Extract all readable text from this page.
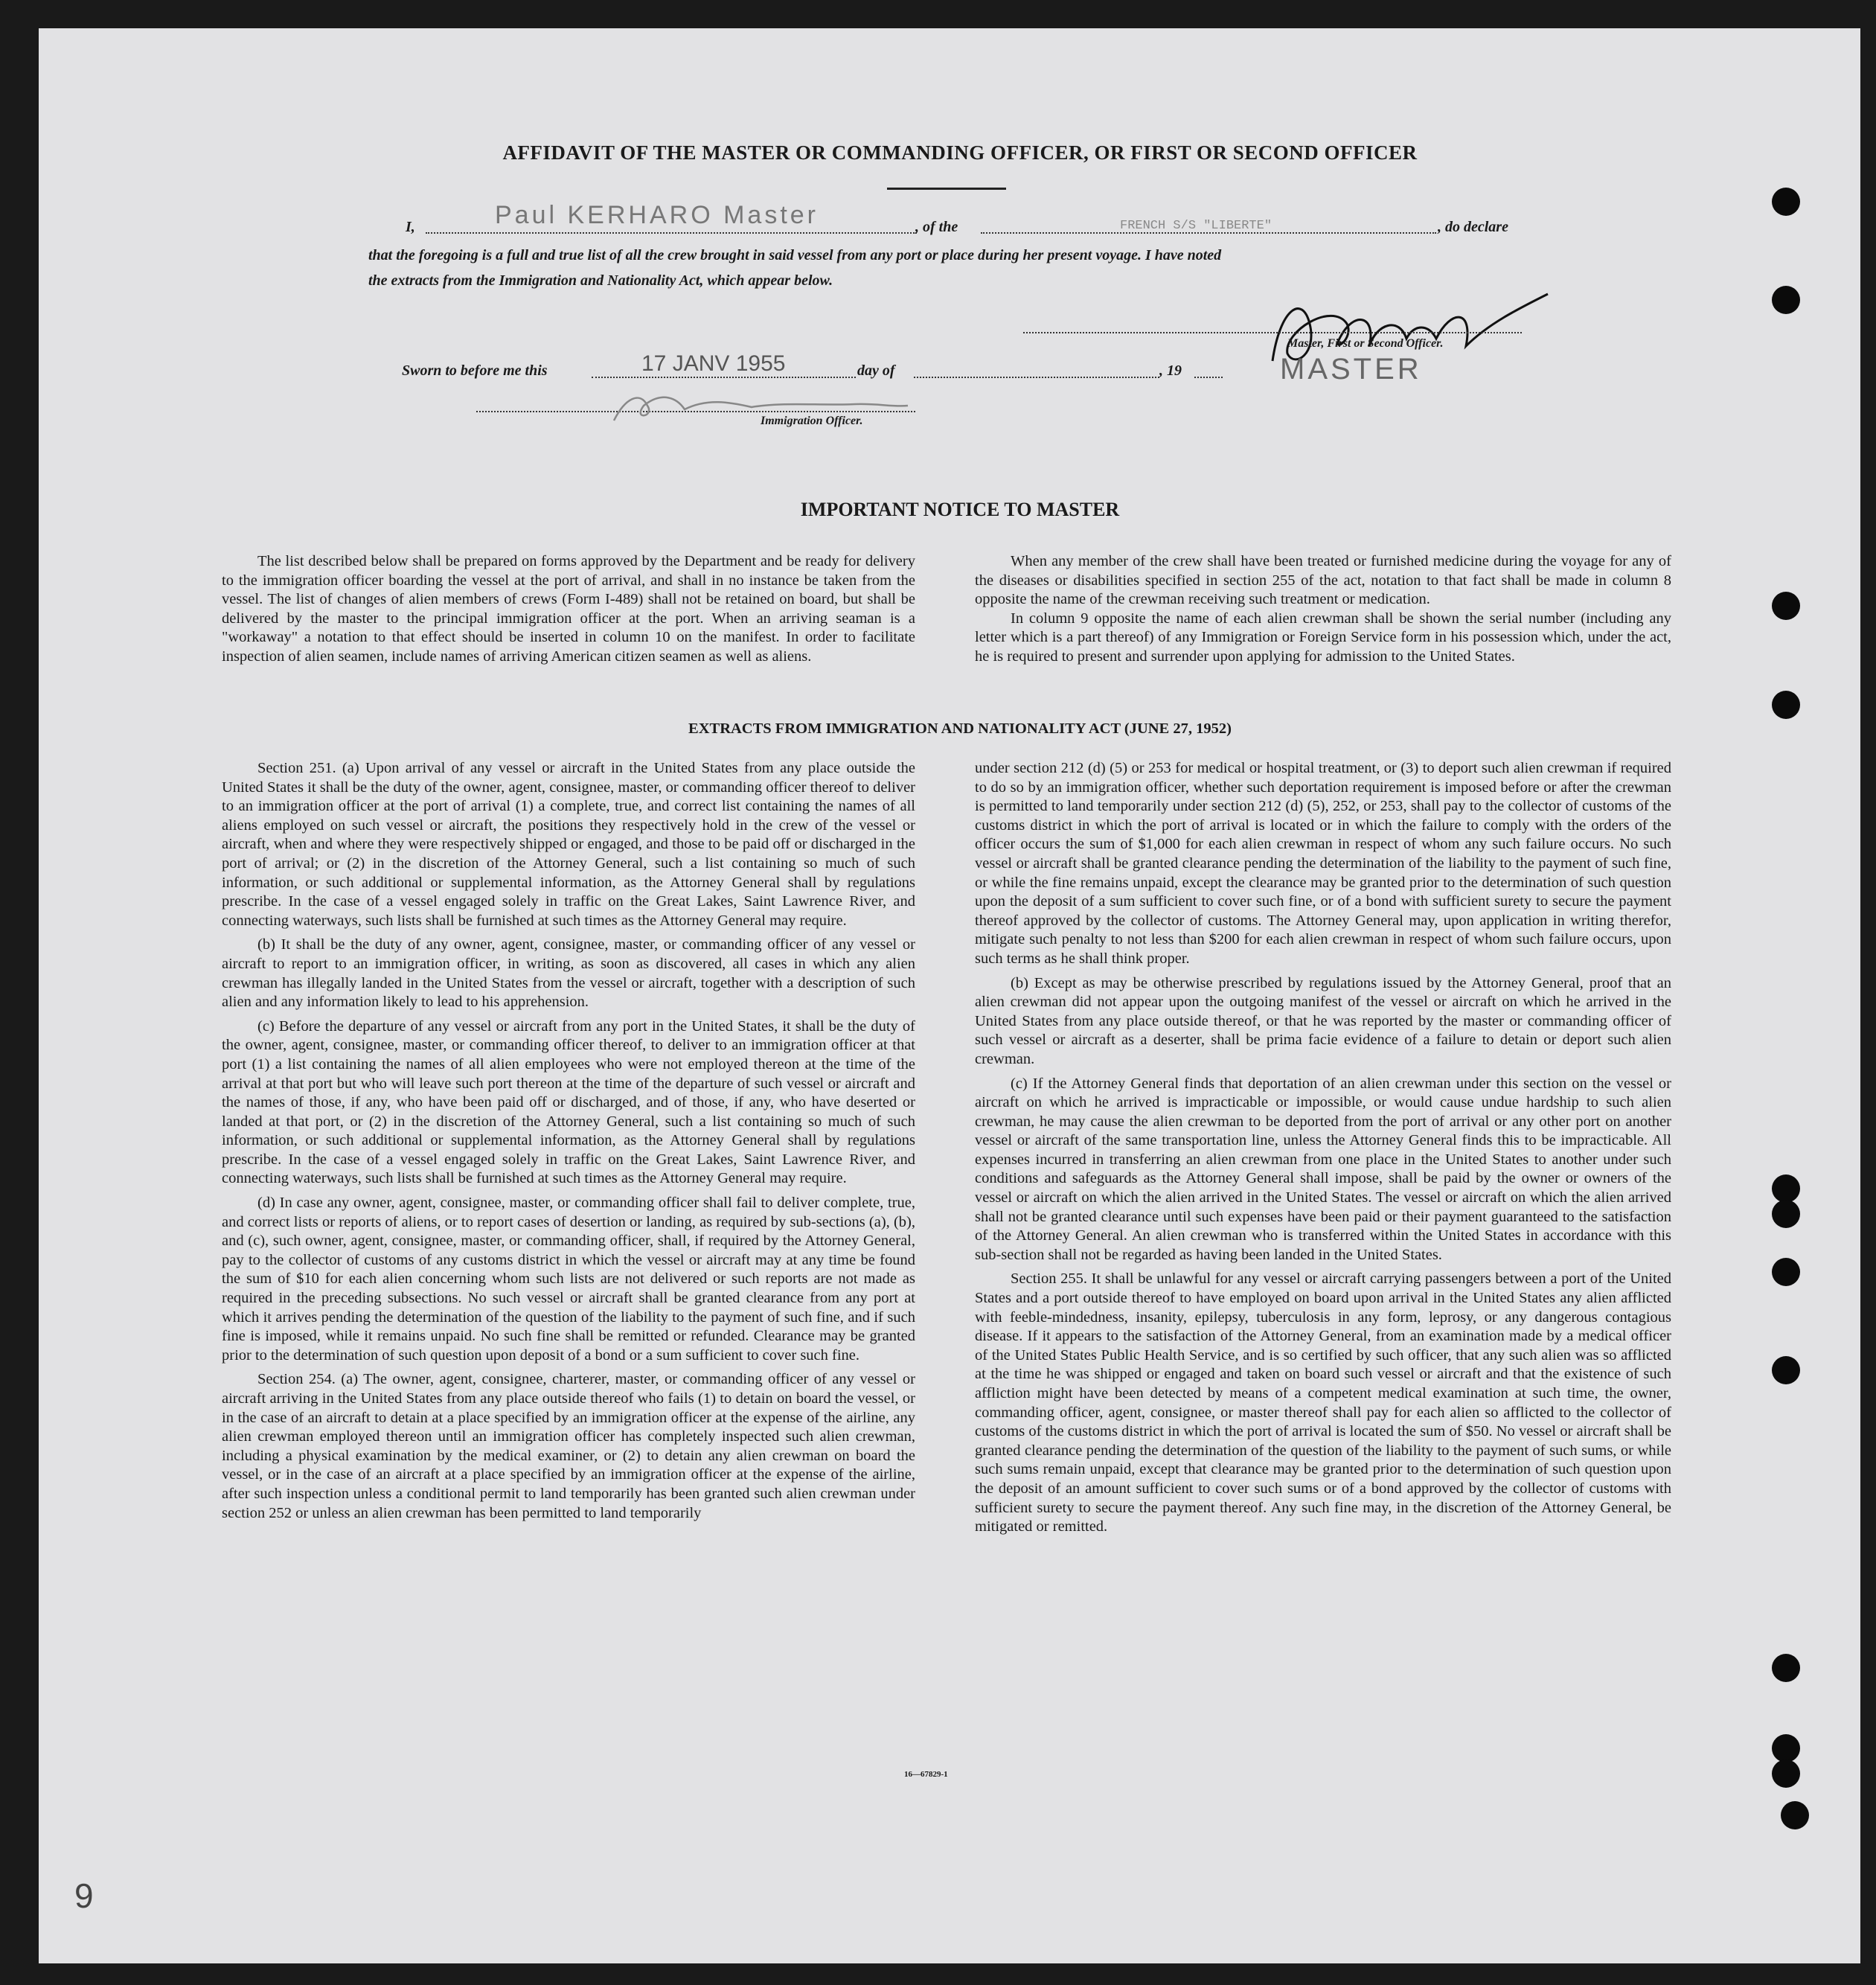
AFFIDAVIT OF THE MASTER OR COMMANDING OFFICER, OR FIRST OR SECOND OFFICER
I,	Paul KERHARO Master	, of the	FRENCH S/S "LIBERTE"	, do declare
that the foregoing is a full and true list of all the crew brought in said vessel from any port or place during her present voyage. I have noted
the extracts from the Immigration and Nationality Act, which appear below.
Master, First or Second Officer.
MASTER
Sworn to before me this	17 JANV 1955	day of	, 19
Immigration Officer.
IMPORTANT NOTICE TO MASTER

The list described below shall be prepared on forms approved by the Department and be ready for delivery to the immigration officer boarding the vessel at the port of arrival, and shall in no instance be taken from the vessel. The list of changes of alien members of crews (Form I-489) shall not be retained on board, but shall be delivered by the master to the principal immigration officer at the port. When an arriving seaman is a "workaway" a notation to that effect should be inserted in column 10 on the manifest. In order to facilitate inspection of alien seamen, include names of arriving American citizen seamen as well as aliens.

When any member of the crew shall have been treated or furnished medicine during the voyage for any of the diseases or disabilities specified in section 255 of the act, notation to that fact shall be made in column 8 opposite the name of the crewman receiving such treatment or medication.

In column 9 opposite the name of each alien crewman shall be shown the serial number (including any letter which is a part thereof) of any Immigration or Foreign Service form in his possession which, under the act, he is required to present and surrender upon applying for admission to the United States.

EXTRACTS FROM IMMIGRATION AND NATIONALITY ACT (JUNE 27, 1952)

Section 251. (a) Upon arrival of any vessel or aircraft in the United States from any place outside the United States it shall be the duty of the owner, agent, consignee, master, or commanding officer thereof to deliver to an immigration officer at the port of arrival (1) a complete, true, and correct list containing the names of all aliens employed on such vessel or aircraft, the positions they respectively hold in the crew of the vessel or aircraft, when and where they were respectively shipped or engaged, and those to be paid off or discharged in the port of arrival; or (2) in the discretion of the Attorney General, such a list containing so much of such information, or such additional or supplemental information, as the Attorney General shall by regulations prescribe. In the case of a vessel engaged solely in traffic on the Great Lakes, Saint Lawrence River, and connecting waterways, such lists shall be furnished at such times as the Attorney General may require.

(b) It shall be the duty of any owner, agent, consignee, master, or commanding officer of any vessel or aircraft to report to an immigration officer, in writing, as soon as discovered, all cases in which any alien crewman has illegally landed in the United States from the vessel or aircraft, together with a description of such alien and any information likely to lead to his apprehension.

(c) Before the departure of any vessel or aircraft from any port in the United States, it shall be the duty of the owner, agent, consignee, master, or commanding officer thereof, to deliver to an immigration officer at that port (1) a list containing the names of all alien employees who were not employed thereon at the time of the arrival at that port but who will leave such port thereon at the time of the departure of such vessel or aircraft and the names of those, if any, who have been paid off or discharged, and of those, if any, who have deserted or landed at that port, or (2) in the discretion of the Attorney General, such a list containing so much of such information, or such additional or supplemental information, as the Attorney General shall by regulations prescribe. In the case of a vessel engaged solely in traffic on the Great Lakes, Saint Lawrence River, and connecting waterways, such lists shall be furnished at such times as the Attorney General may require.

(d) In case any owner, agent, consignee, master, or commanding officer shall fail to deliver complete, true, and correct lists or reports of aliens, or to report cases of desertion or landing, as required by sub-sections (a), (b), and (c), such owner, agent, consignee, master, or commanding officer, shall, if required by the Attorney General, pay to the collector of customs of any customs district in which the vessel or aircraft may at any time be found the sum of $10 for each alien concerning whom such lists are not delivered or such reports are not made as required in the preceding subsections. No such vessel or aircraft shall be granted clearance from any port at which it arrives pending the determination of the question of the liability to the payment of such fine, and if such fine is imposed, while it remains unpaid. No such fine shall be remitted or refunded. Clearance may be granted prior to the determination of such question upon deposit of a bond or a sum sufficient to cover such fine.

Section 254. (a) The owner, agent, consignee, charterer, master, or commanding officer of any vessel or aircraft arriving in the United States from any place outside thereof who fails (1) to detain on board the vessel, or in the case of an aircraft to detain at a place specified by an immigration officer at the expense of the airline, any alien crewman employed thereon until an immigration officer has completely inspected such alien crewman, including a physical examination by the medical examiner, or (2) to detain any alien crewman on board the vessel, or in the case of an aircraft at a place specified by an immigration officer at the expense of the airline, after such inspection unless a conditional permit to land temporarily has been granted such alien crewman under section 252 or unless an alien crewman has been permitted to land temporarily

under section 212 (d) (5) or 253 for medical or hospital treatment, or (3) to deport such alien crewman if required to do so by an immigration officer, whether such deportation requirement is imposed before or after the crewman is permitted to land temporarily under section 212 (d) (5), 252, or 253, shall pay to the collector of customs of the customs district in which the port of arrival is located or in which the failure to comply with the orders of the officer occurs the sum of $1,000 for each alien crewman in respect of whom any such failure occurs. No such vessel or aircraft shall be granted clearance pending the determination of the liability to the payment of such fine, or while the fine remains unpaid, except the clearance may be granted prior to the determination of such question upon the deposit of a sum sufficient to cover such fine, or of a bond with sufficient surety to secure the payment thereof approved by the collector of customs. The Attorney General may, upon application in writing therefor, mitigate such penalty to not less than $200 for each alien crewman in respect of whom such failure occurs, upon such terms as he shall think proper.

(b) Except as may be otherwise prescribed by regulations issued by the Attorney General, proof that an alien crewman did not appear upon the outgoing manifest of the vessel or aircraft on which he arrived in the United States from any place outside thereof, or that he was reported by the master or commanding officer of such vessel or aircraft as a deserter, shall be prima facie evidence of a failure to detain or deport such alien crewman.

(c) If the Attorney General finds that deportation of an alien crewman under this section on the vessel or aircraft on which he arrived is impracticable or impossible, or would cause undue hardship to such alien crewman, he may cause the alien crewman to be deported from the port of arrival or any other port on another vessel or aircraft of the same transportation line, unless the Attorney General finds this to be impracticable. All expenses incurred in transferring an alien crewman from one place in the United States to another under such conditions and safeguards as the Attorney General shall impose, shall be paid by the owner or owners of the vessel or aircraft on which the alien arrived in the United States. The vessel or aircraft on which the alien arrived shall not be granted clearance until such expenses have been paid or their payment guaranteed to the satisfaction of the Attorney General. An alien crewman who is transferred within the United States in accordance with this sub-section shall not be regarded as having been landed in the United States.

Section 255. It shall be unlawful for any vessel or aircraft carrying passengers between a port of the United States and a port outside thereof to have employed on board upon arrival in the United States any alien afflicted with feeble-mindedness, insanity, epilepsy, tuberculosis in any form, leprosy, or any dangerous contagious disease. If it appears to the satisfaction of the Attorney General, from an examination made by a medical officer of the United States Public Health Service, and is so certified by such officer, that any such alien was so afflicted at the time he was shipped or engaged and taken on board such vessel or aircraft and that the existence of such affliction might have been detected by means of a competent medical examination at such time, the owner, commanding officer, agent, consignee, or master thereof shall pay for each alien so afflicted to the collector of customs of the customs district in which the port of arrival is located the sum of $50. No vessel or aircraft shall be granted clearance pending the determination of the question of the liability to the payment of such sums, or while such sums remain unpaid, except that clearance may be granted prior to the determination of such question upon the deposit of an amount sufficient to cover such sums or of a bond approved by the collector of customs with sufficient surety to secure the payment thereof. Any such fine may, in the discretion of the Attorney General, be mitigated or remitted.

16—67829-1
9
